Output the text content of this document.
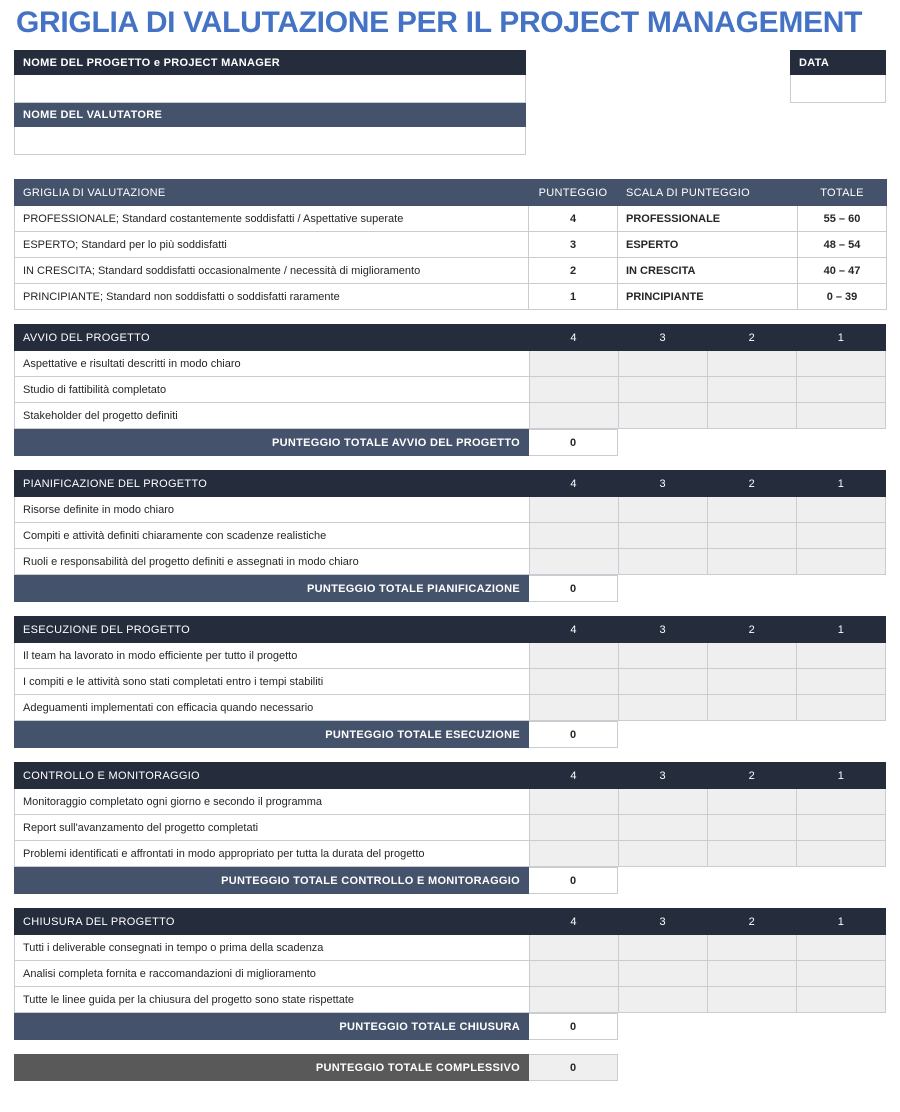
GRIGLIA DI VALUTAZIONE PER IL PROJECT MANAGEMENT
NOME DEL PROGETTO e PROJECT MANAGER

NOME DEL VALUTATORE

DATA

GRIGLIA DI VALUTAZIONE	PUNTEGGIO	SCALA DI PUNTEGGIO	TOTALE
PROFESSIONALE; Standard costantemente soddisfatti / Aspettative superate	4	PROFESSIONALE	55 – 60
ESPERTO; Standard per lo più soddisfatti	3	ESPERTO	48 – 54
IN CRESCITA; Standard soddisfatti occasionalmente / necessità di miglioramento	2	IN CRESCITA	40 – 47
PRINCIPIANTE; Standard non soddisfatti o soddisfatti raramente	1	PRINCIPIANTE	0 – 39
AVVIO DEL PROGETTO	4	3	2	1
Aspettative e risultati descritti in modo chiaro				
Studio di fattibilità completato				
Stakeholder del progetto definiti				
PUNTEGGIO TOTALE AVVIO DEL PROGETTO	0	
PIANIFICAZIONE DEL PROGETTO	4	3	2	1
Risorse definite in modo chiaro				
Compiti e attività definiti chiaramente con scadenze realistiche				
Ruoli e responsabilità del progetto definiti e assegnati in modo chiaro				
PUNTEGGIO TOTALE PIANIFICAZIONE	0	
ESECUZIONE DEL PROGETTO	4	3	2	1
Il team ha lavorato in modo efficiente per tutto il progetto				
I compiti e le attività sono stati completati entro i tempi stabiliti				
Adeguamenti implementati con efficacia quando necessario				
PUNTEGGIO TOTALE ESECUZIONE	0	
CONTROLLO E MONITORAGGIO	4	3	2	1
Monitoraggio completato ogni giorno e secondo il programma				
Report sull'avanzamento del progetto completati				
Problemi identificati e affrontati in modo appropriato per tutta la durata del progetto				
PUNTEGGIO TOTALE CONTROLLO E MONITORAGGIO	0	
CHIUSURA DEL PROGETTO	4	3	2	1
Tutti i deliverable consegnati in tempo o prima della scadenza				
Analisi completa fornita e raccomandazioni di miglioramento				
Tutte le linee guida per la chiusura del progetto sono state rispettate				
PUNTEGGIO TOTALE CHIUSURA	0	
PUNTEGGIO TOTALE COMPLESSIVO	0	
